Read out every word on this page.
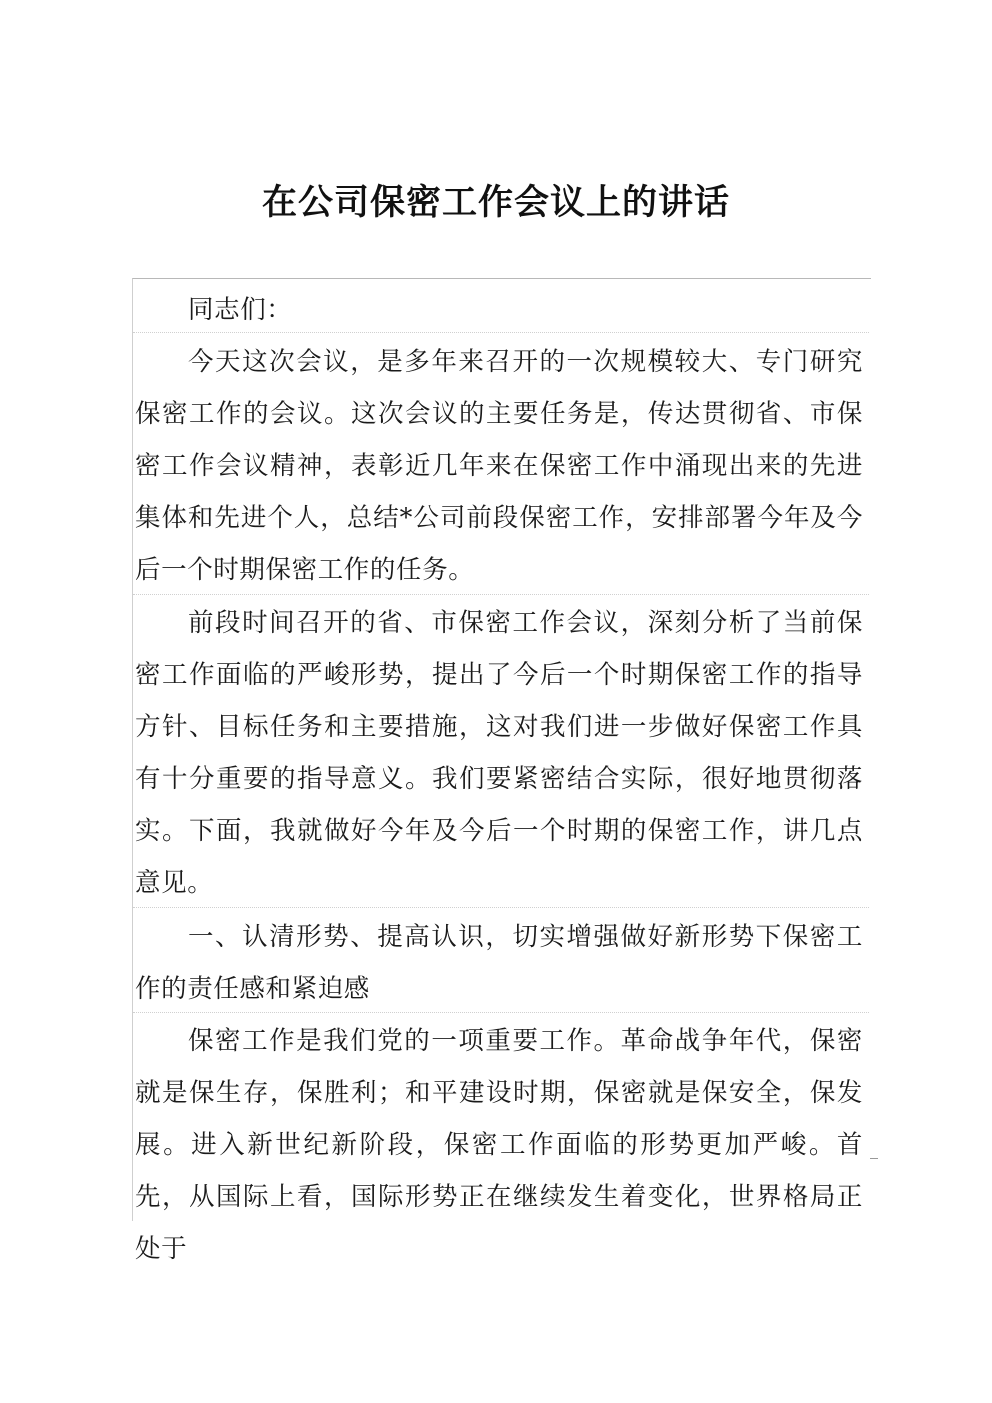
在公司保密工作会议上的讲话

同志们：

今天这次会议，是多年来召开的一次规模较大、专门研究保密工作的会议。这次会议的主要任务是，传达贯彻省、市保密工作会议精神，表彰近几年来在保密工作中涌现出来的先进集体和先进个人，总结*公司前段保密工作，安排部署今年及今后一个时期保密工作的任务。

前段时间召开的省、市保密工作会议，深刻分析了当前保密工作面临的严峻形势，提出了今后一个时期保密工作的指导方针、目标任务和主要措施，这对我们进一步做好保密工作具有十分重要的指导意义。我们要紧密结合实际，很好地贯彻落实。下面，我就做好今年及今后一个时期的保密工作，讲几点意见。

一、认清形势、提高认识，切实增强做好新形势下保密工作的责任感和紧迫感

保密工作是我们党的一项重要工作。革命战争年代，保密就是保生存，保胜利；和平建设时期，保密就是保安全，保发展。进入新世纪新阶段，保密工作面临的形势更加严峻。首先，从国际上看，国际形势正在继续发生着变化，世界格局正处于
